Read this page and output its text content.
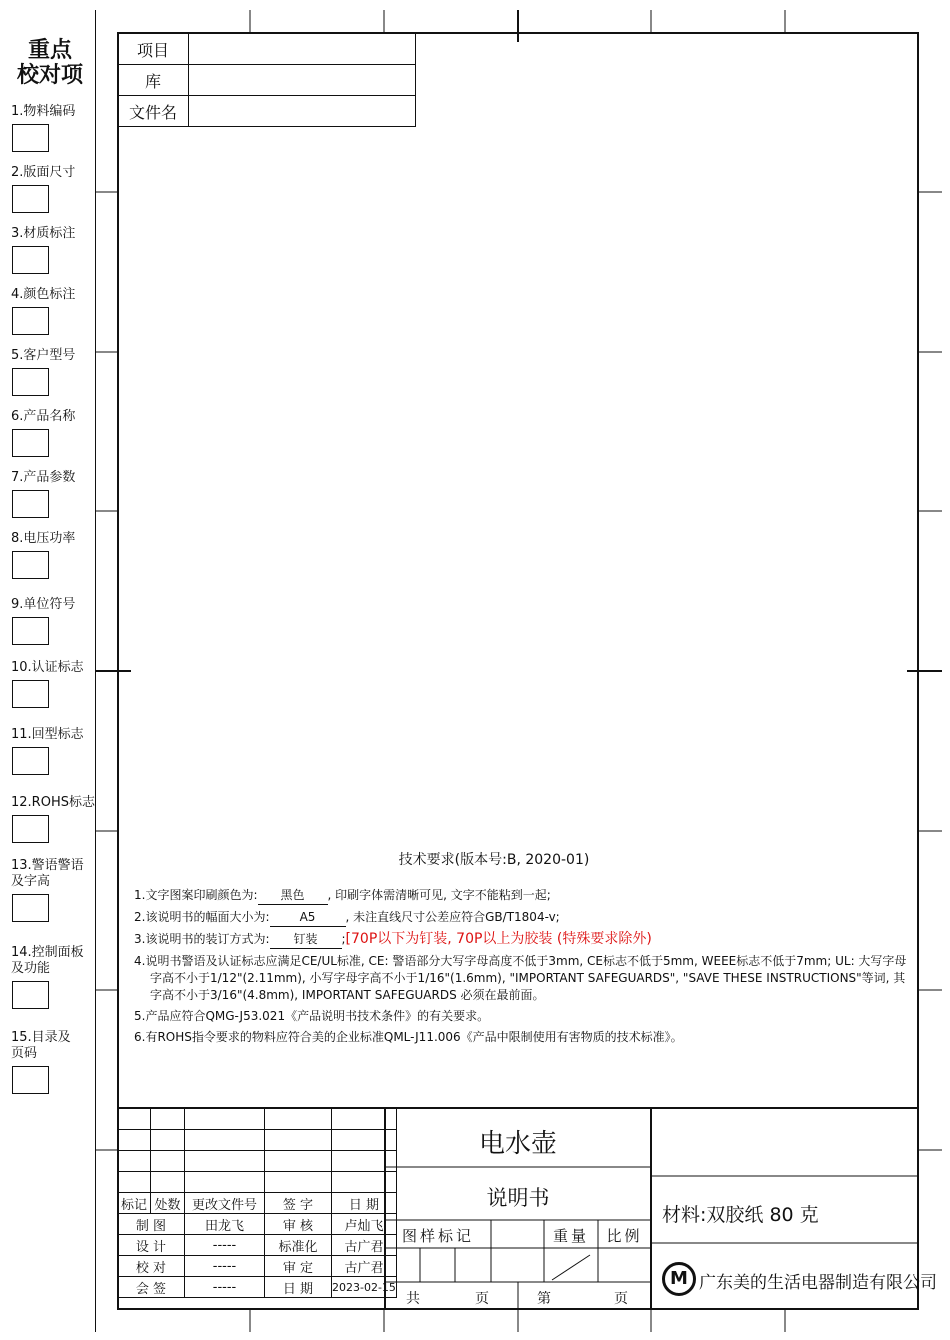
重点
校对项
1.物料编码
2.版面尺寸
3.材质标注
4.颜色标注
5.客户型号
6.产品名称
7.产品参数
8.电压功率
9.单位符号
10.认证标志
11.回型标志
12.ROHS标志
13.警语警语
及字高
14.控制面板
及功能
15.目录及
页码
项目	
库	
文件名	
技术要求(版本号:B, 2020-01)
1.文字图案印刷颜色为: 黑色 , 印刷字体需清晰可见, 文字不能粘到一起;
2.该说明书的幅面大小为:	A5	, 未注直线尺寸公差应符合GB/T1804-v;
3.该说明书的装订方式为: 钉装 ;[70P以下为钉装, 70P以上为胶装 (特殊要求除外)
4.说明书警语及认证标志应满足CE/UL标准, CE: 警语部分大写字母高度不低于3mm, CE标志不低于5mm, WEEE标志不低于7mm; UL: 大写字母字高不小于1/12"(2.11mm), 小写字母字高不小于1/16"(1.6mm), "IMPORTANT SAFEGUARDS", "SAVE THESE INSTRUCTIONS"等词, 其字高不小于3/16"(4.8mm), IMPORTANT SAFEGUARDS 必须在最前面。
5.产品应符合QMG-J53.021《产品说明书技术条件》的有关要求。
6.有ROHS指令要求的物料应符合美的企业标准QML-J11.006《产品中限制使用有害物质的技术标准》。

标记	处数	更改文件号	签 字	日 期
制 图		田龙飞	审 核	卢灿飞
设 计		-----	标准化	古广君
校 对		-----	审 定	古广君
会 签		-----	日 期	2023-02-15
电水壶
说明书
图样标记	重量	比例
共	页	第	页
材料:双胶纸 80 克
M 广东美的生活电器制造有限公司
